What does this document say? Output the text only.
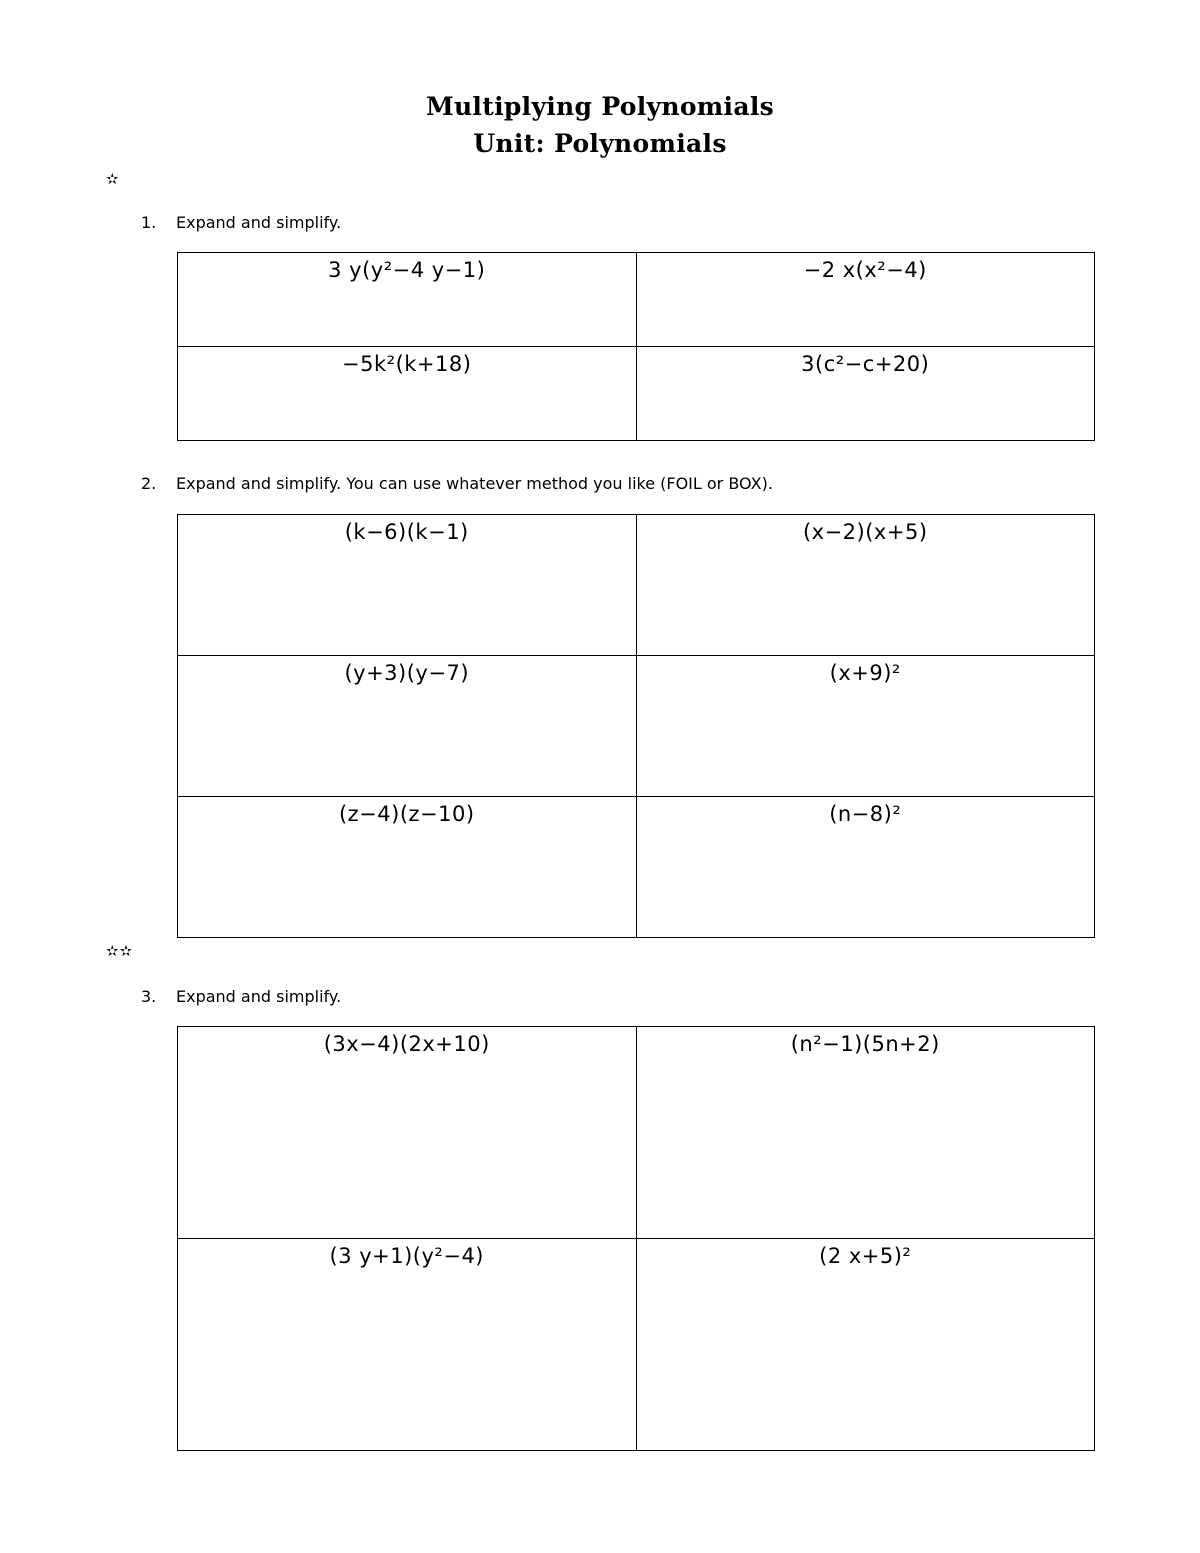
Multiplying Polynomials
Unit: Polynomials
✫
1. Expand and simplify.
3 y(y²−4 y−1)	−2 x(x²−4)
−5k²(k+18)	3(c²−c+20)
2. Expand and simplify. You can use whatever method you like (FOIL or BOX).
(k−6)(k−1)	(x−2)(x+5)
(y+3)(y−7)	(x+9)²
(z−4)(z−10)	(n−8)²
✫✫
3. Expand and simplify.
(3x−4)(2x+10)	(n²−1)(5n+2)
(3 y+1)(y²−4)	(2 x+5)²
